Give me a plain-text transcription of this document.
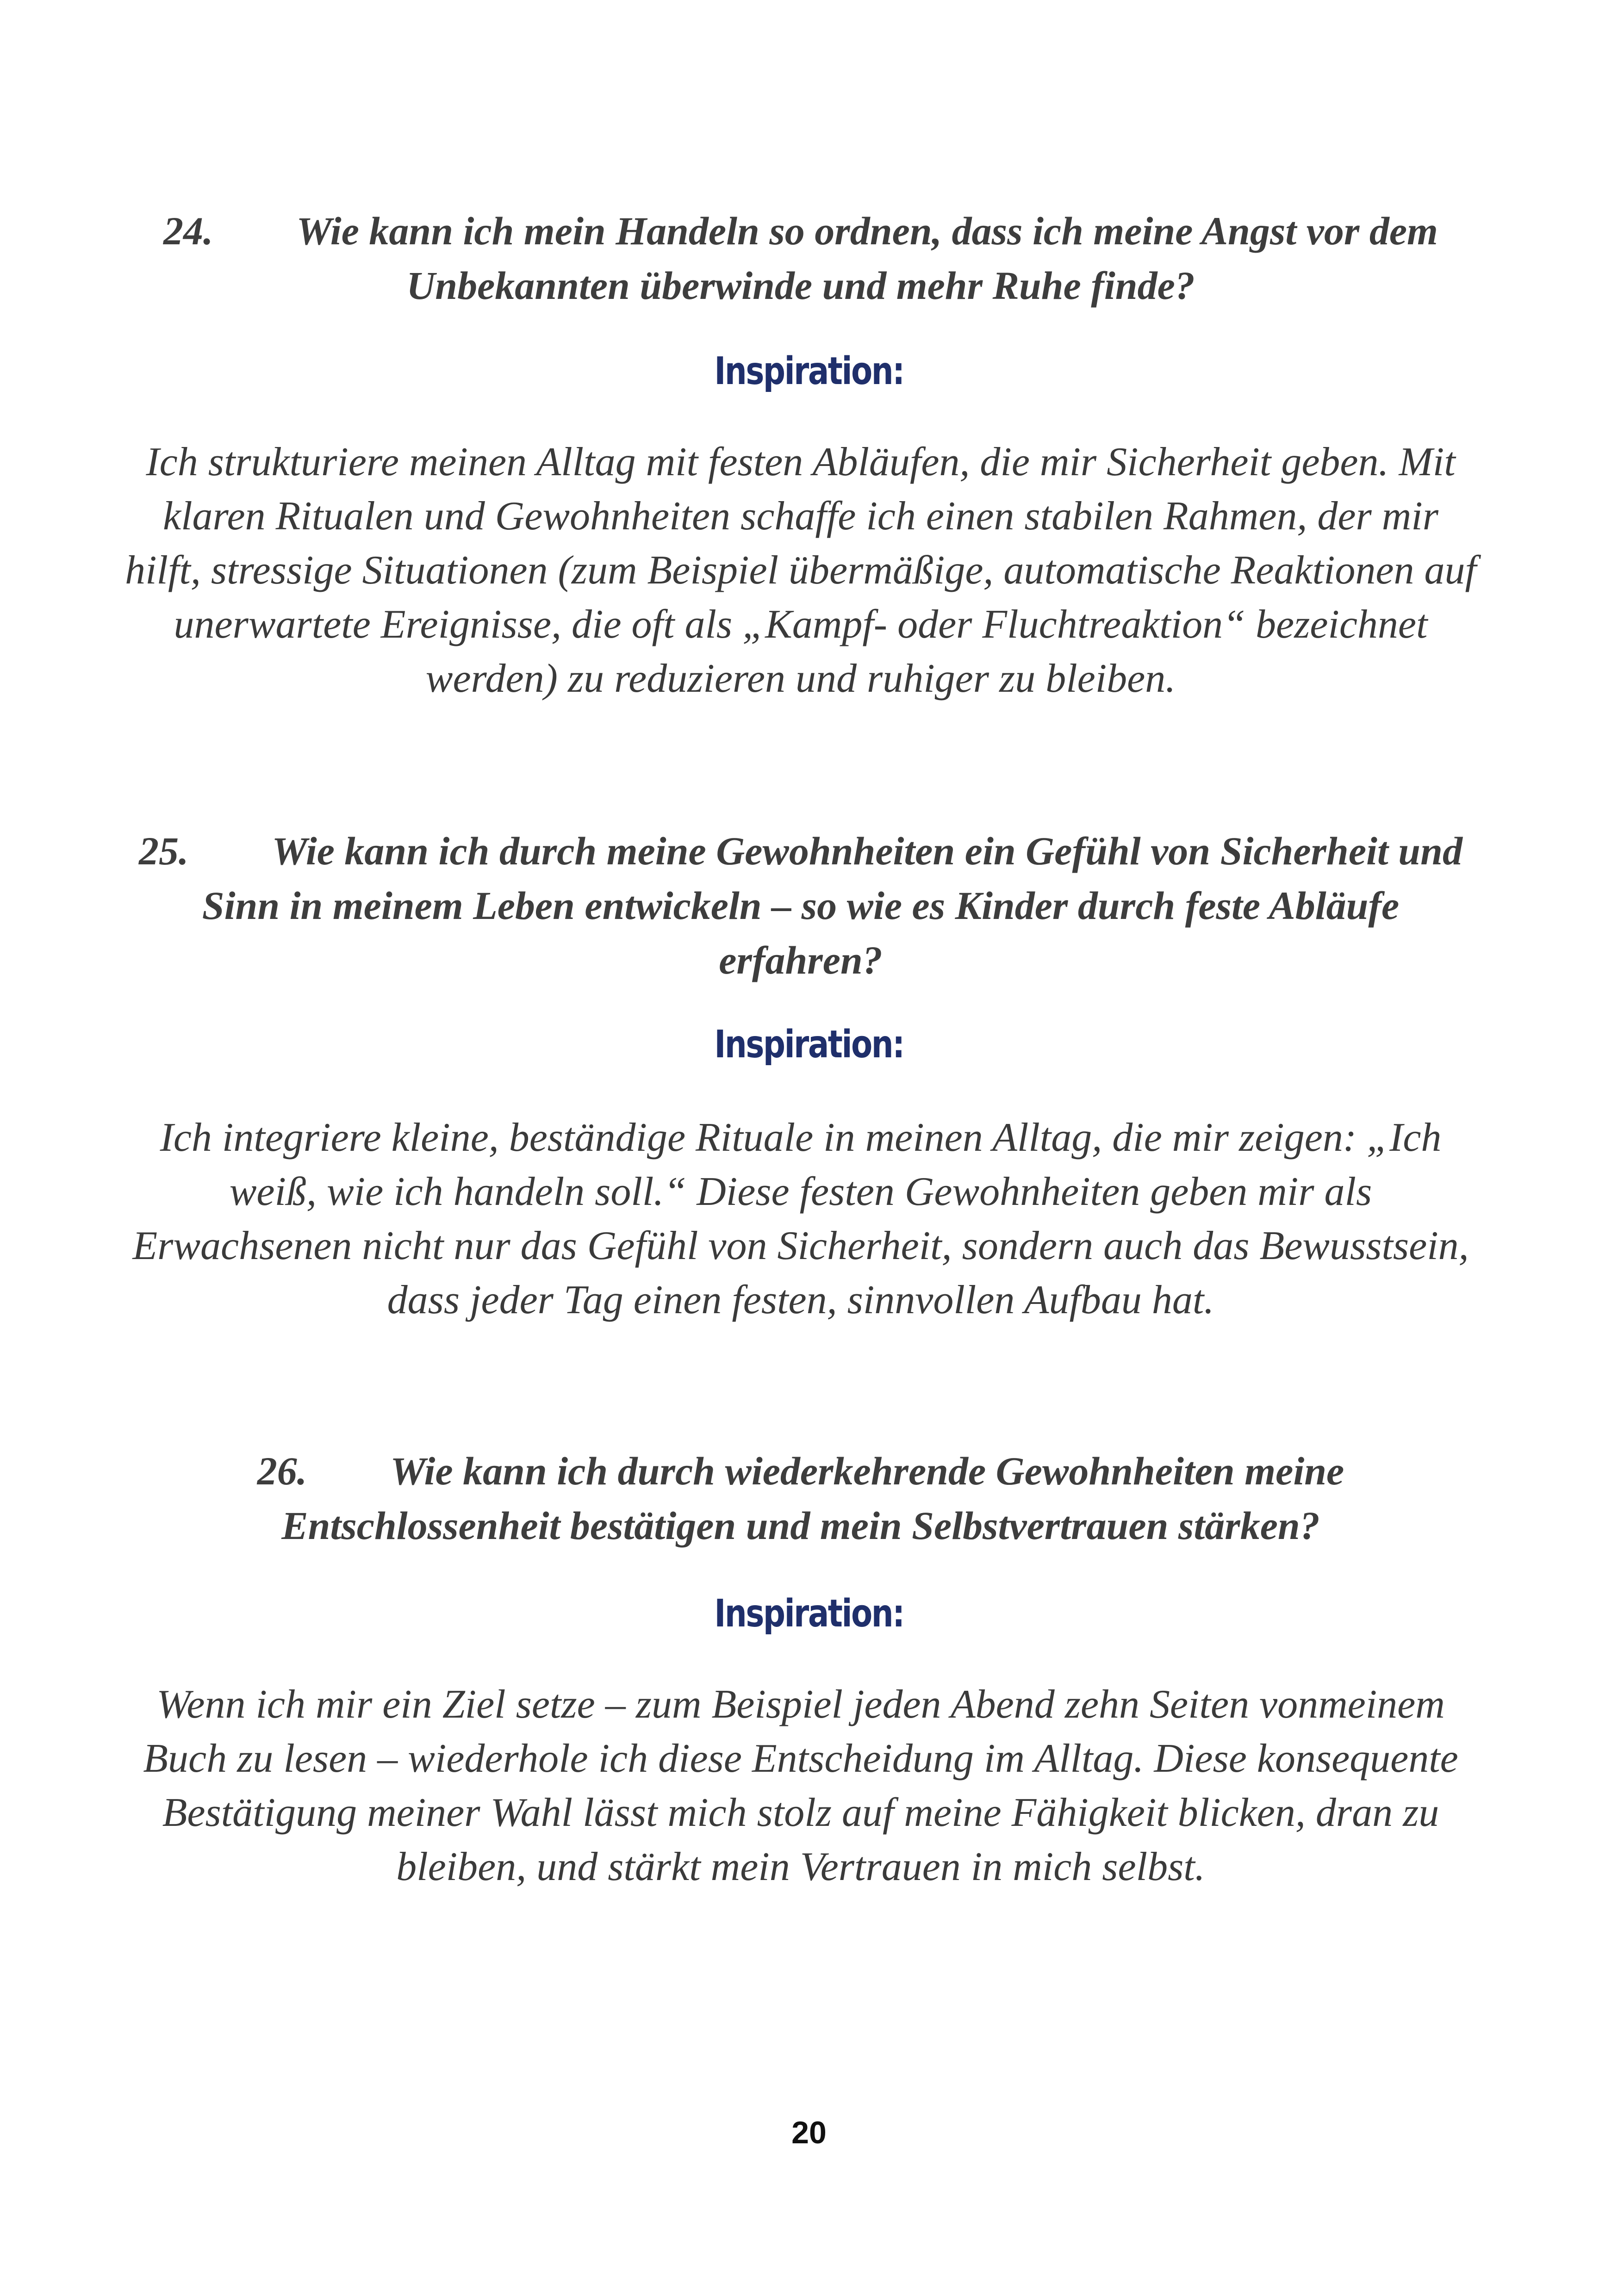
24. Wie kann ich mein Handeln so ordnen, dass ich meine Angst vor dem Unbekannten überwinde und mehr Ruhe finde?
Inspiration:
Ich strukturiere meinen Alltag mit festen Abläufen, die mir Sicherheit geben. Mit klaren Ritualen und Gewohnheiten schaffe ich einen stabilen Rahmen, der mir hilft, stressige Situationen (zum Beispiel übermäßige, automatische Reaktionen auf unerwartete Ereignisse, die oft als „Kampf- oder Fluchtreaktion“ bezeichnet werden) zu reduzieren und ruhiger zu bleiben.
25. Wie kann ich durch meine Gewohnheiten ein Gefühl von Sicherheit und Sinn in meinem Leben entwickeln – so wie es Kinder durch feste Abläufe erfahren?
Inspiration:
Ich integriere kleine, beständige Rituale in meinen Alltag, die mir zeigen: „Ich weiß, wie ich handeln soll.“ Diese festen Gewohnheiten geben mir als Erwachsenen nicht nur das Gefühl von Sicherheit, sondern auch das Bewusstsein, dass jeder Tag einen festen, sinnvollen Aufbau hat.
26. Wie kann ich durch wiederkehrende Gewohnheiten meine Entschlossenheit bestätigen und mein Selbstvertrauen stärken?
Inspiration:
Wenn ich mir ein Ziel setze – zum Beispiel jeden Abend zehn Seiten vonmeinem Buch zu lesen – wiederhole ich diese Entscheidung im Alltag. Diese konsequente Bestätigung meiner Wahl lässt mich stolz auf meine Fähigkeit blicken, dran zu bleiben, und stärkt mein Vertrauen in mich selbst.
20
